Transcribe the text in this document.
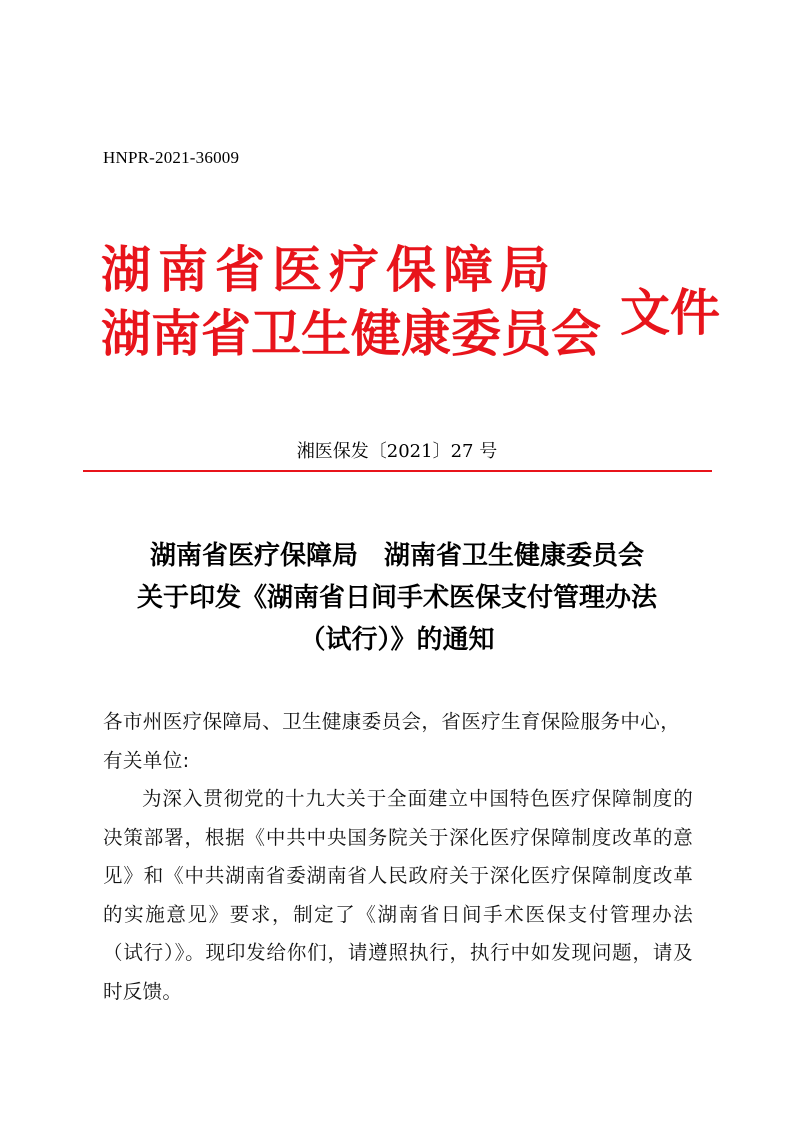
HNPR-2021-36009
湖南省医疗保障局
湖南省卫生健康委员会 文件
湘医保发〔2021〕27 号
湖南省医疗保障局 湖南省卫生健康委员会
关于印发《湖南省日间手术医保支付管理办法
（试行）》的通知
各市州医疗保障局、卫生健康委员会，省医疗生育保险服务中心，有关单位:
为深入贯彻党的十九大关于全面建立中国特色医疗保障制度的决策部署，根据《中共中央国务院关于深化医疗保障制度改革的意见》和《中共湖南省委湖南省人民政府关于深化医疗保障制度改革的实施意见》要求，制定了《湖南省日间手术医保支付管理办法（试行）》。现印发给你们，请遵照执行，执行中如发现问题，请及时反馈。
